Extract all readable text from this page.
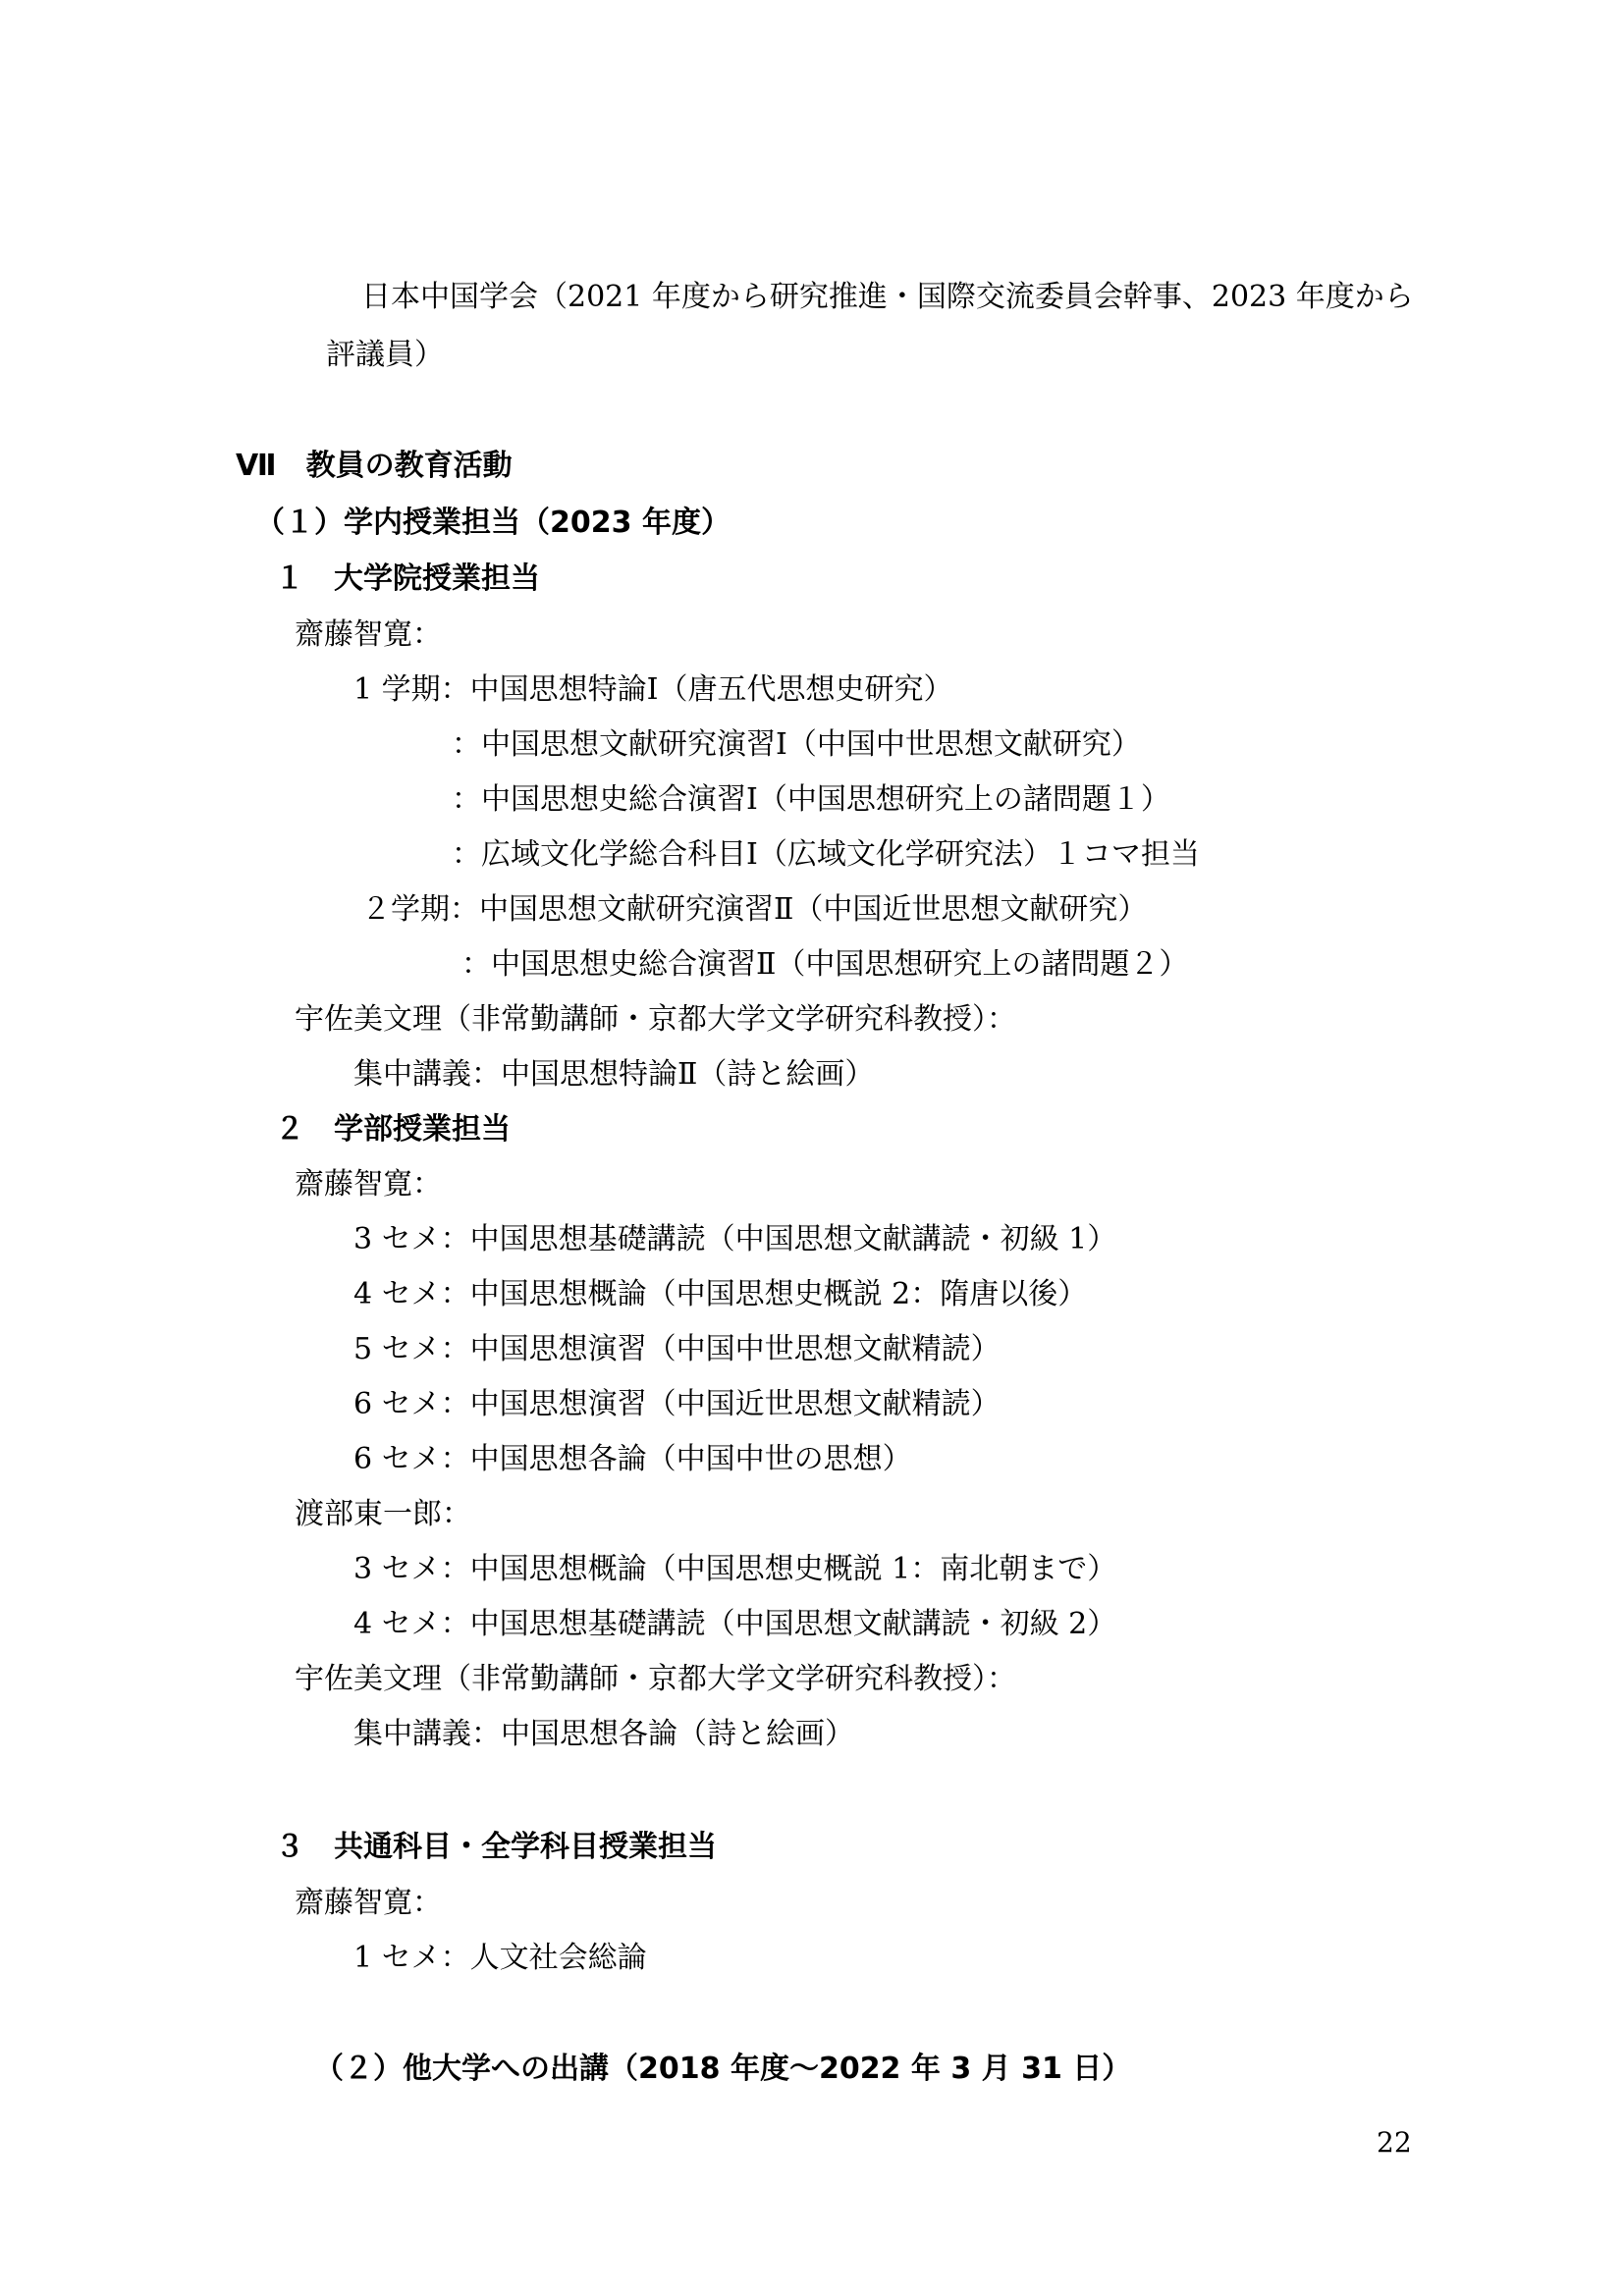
日本中国学会（2021 年度から研究推進・国際交流委員会幹事、2023 年度から
評議員）
Ⅶ　教員の教育活動
（１）学内授業担当（2023 年度）
１　大学院授業担当
齋藤智寛：
1 学期：中国思想特論Ⅰ（唐五代思想史研究）
：中国思想文献研究演習Ⅰ（中国中世思想文献研究）
：中国思想史総合演習Ⅰ（中国思想研究上の諸問題１）
：広域文化学総合科目Ⅰ（広域文化学研究法）１コマ担当
２学期：中国思想文献研究演習Ⅱ（中国近世思想文献研究）
：中国思想史総合演習Ⅱ（中国思想研究上の諸問題２）
宇佐美文理（非常勤講師・京都大学文学研究科教授）：
集中講義：中国思想特論Ⅱ（詩と絵画）
２　学部授業担当
齋藤智寛：
3 セメ：中国思想基礎講読（中国思想文献講読・初級 1）
4 セメ：中国思想概論（中国思想史概説 2：隋唐以後）
5 セメ：中国思想演習（中国中世思想文献精読）
6 セメ：中国思想演習（中国近世思想文献精読）
6 セメ：中国思想各論（中国中世の思想）
渡部東一郎：
3 セメ：中国思想概論（中国思想史概説 1：南北朝まで）
4 セメ：中国思想基礎講読（中国思想文献講読・初級 2）
宇佐美文理（非常勤講師・京都大学文学研究科教授）：
集中講義：中国思想各論（詩と絵画）
３　共通科目・全学科目授業担当
齋藤智寛：
1 セメ：人文社会総論
（２）他大学への出講（2018 年度～2022 年 3 月 31 日）
22
